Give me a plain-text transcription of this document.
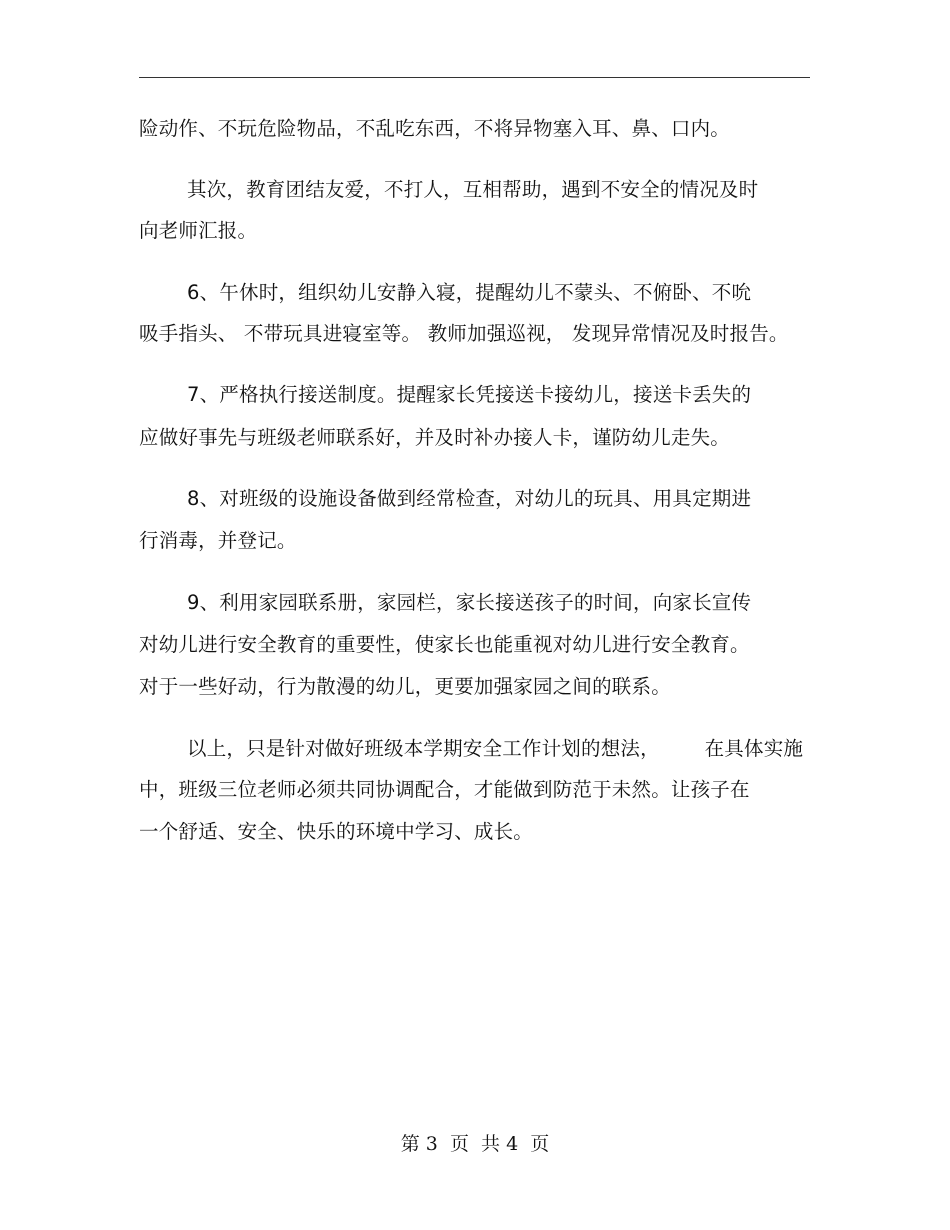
险动作、不玩危险物品，不乱吃东西，不将异物塞入耳、鼻、口内。
其次，教育团结友爱，不打人，互相帮助，遇到不安全的情况及时
向老师汇报。
6、午休时，组织幼儿安静入寝，提醒幼儿不蒙头、不俯卧、不吮
吸手指头、 不带玩具进寝室等。 教师加强巡视， 发现异常情况及时报告。
7、严格执行接送制度。提醒家长凭接送卡接幼儿，接送卡丢失的
应做好事先与班级老师联系好，并及时补办接人卡，谨防幼儿走失。
8、对班级的设施设备做到经常检查，对幼儿的玩具、用具定期进
行消毒，并登记。
9、利用家园联系册，家园栏，家长接送孩子的时间，向家长宣传
对幼儿进行安全教育的重要性，使家长也能重视对幼儿进行安全教育。
对于一些好动，行为散漫的幼儿，更要加强家园之间的联系。
以上，只是针对做好班级本学期安全工作计划的想法，       在具体实施
中，班级三位老师必须共同协调配合，才能做到防范于未然。让孩子在
一个舒适、安全、快乐的环境中学习、成长。
第 3  页  共 4  页
